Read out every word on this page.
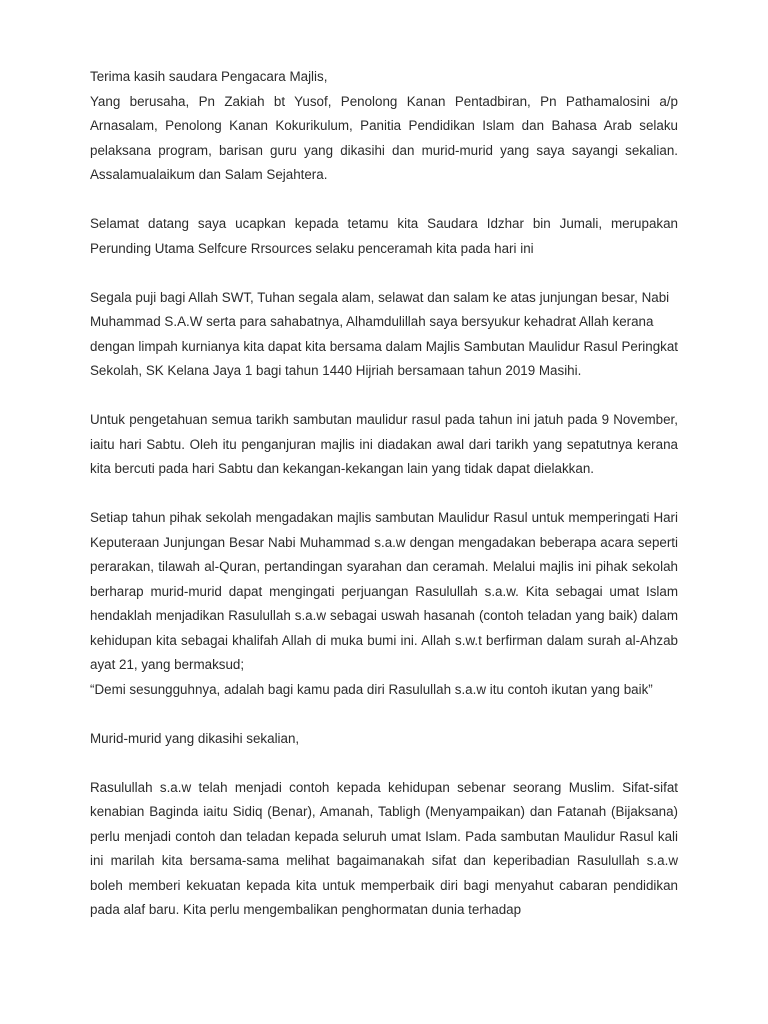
Terima kasih saudara Pengacara Majlis,
Yang berusaha, Pn Zakiah bt Yusof, Penolong Kanan Pentadbiran, Pn Pathamalosini a/p Arnasalam, Penolong Kanan Kokurikulum, Panitia Pendidikan Islam dan Bahasa Arab selaku pelaksana program, barisan guru yang dikasihi dan murid-murid yang saya sayangi sekalian. Assalamualaikum dan Salam Sejahtera.

Selamat datang saya ucapkan kepada tetamu kita Saudara Idzhar bin Jumali, merupakan Perunding Utama Selfcure Rrsources selaku penceramah kita pada hari ini

Segala puji bagi Allah SWT, Tuhan segala alam, selawat dan salam ke atas junjungan besar, Nabi Muhammad S.A.W serta para sahabatnya, Alhamdulillah saya bersyukur kehadrat Allah kerana dengan limpah kurnianya kita dapat kita bersama dalam Majlis Sambutan Maulidur Rasul Peringkat Sekolah, SK Kelana Jaya 1 bagi tahun 1440 Hijriah bersamaan tahun 2019 Masihi.

Untuk pengetahuan semua tarikh sambutan maulidur rasul pada tahun ini jatuh pada 9 November, iaitu hari Sabtu. Oleh itu penganjuran majlis ini diadakan awal dari tarikh yang sepatutnya kerana kita bercuti pada hari Sabtu dan kekangan-kekangan lain yang tidak dapat dielakkan.

Setiap tahun pihak sekolah mengadakan majlis sambutan Maulidur Rasul untuk memperingati Hari Keputeraan Junjungan Besar Nabi Muhammad s.a.w dengan mengadakan beberapa acara seperti perarakan, tilawah al-Quran, pertandingan syarahan dan ceramah. Melalui majlis ini pihak sekolah berharap murid-murid dapat mengingati perjuangan Rasulullah s.a.w. Kita sebagai umat Islam hendaklah menjadikan Rasulullah s.a.w sebagai uswah hasanah (contoh teladan yang baik) dalam kehidupan kita sebagai khalifah Allah di muka bumi ini. Allah s.w.t berfirman dalam surah al-Ahzab ayat 21, yang bermaksud;
“Demi sesungguhnya, adalah bagi kamu pada diri Rasulullah s.a.w itu contoh ikutan yang baik”

Murid-murid yang dikasihi sekalian,

Rasulullah s.a.w telah menjadi contoh kepada kehidupan sebenar seorang Muslim. Sifat-sifat kenabian Baginda iaitu Sidiq (Benar), Amanah, Tabligh (Menyampaikan) dan Fatanah (Bijaksana) perlu menjadi contoh dan teladan kepada seluruh umat Islam. Pada sambutan Maulidur Rasul kali ini marilah kita bersama-sama melihat bagaimanakah sifat dan keperibadian Rasulullah s.a.w boleh memberi kekuatan kepada kita untuk memperbaik diri bagi menyahut cabaran pendidikan pada alaf baru. Kita perlu mengembalikan penghormatan dunia terhadap
